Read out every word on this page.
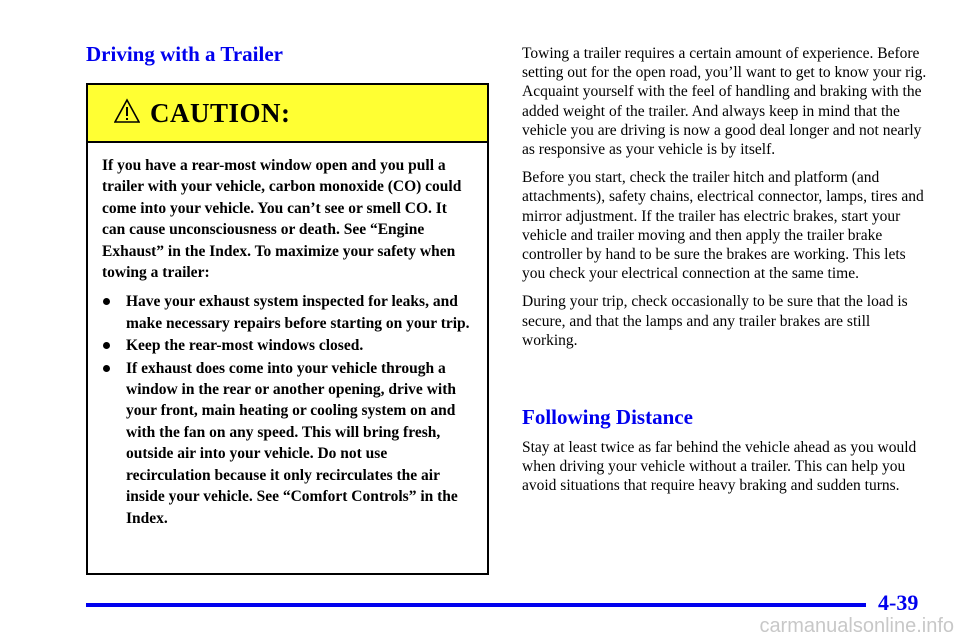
Driving with a Trailer
CAUTION:

If you have a rear-most window open and you pull a trailer with your vehicle, carbon monoxide (CO) could come into your vehicle. You can’t see or smell CO. It can cause unconsciousness or death. See “Engine Exhaust” in the Index. To maximize your safety when towing a trailer:

Have your exhaust system inspected for leaks, and make necessary repairs before starting on your trip.
Keep the rear-most windows closed.
If exhaust does come into your vehicle through a window in the rear or another opening, drive with your front, main heating or cooling system on and with the fan on any speed. This will bring fresh, outside air into your vehicle. Do not use recirculation because it only recirculates the air inside your vehicle. See “Comfort Controls” in the Index.

Towing a trailer requires a certain amount of experience. Before setting out for the open road, you’ll want to get to know your rig. Acquaint yourself with the feel of handling and braking with the added weight of the trailer. And always keep in mind that the vehicle you are driving is now a good deal longer and not nearly as responsive as your vehicle is by itself.

Before you start, check the trailer hitch and platform (and attachments), safety chains, electrical connector, lamps, tires and mirror adjustment. If the trailer has electric brakes, start your vehicle and trailer moving and then apply the trailer brake controller by hand to be sure the brakes are working. This lets you check your electrical connection at the same time.

During your trip, check occasionally to be sure that the load is secure, and that the lamps and any trailer brakes are still working.

Following Distance

Stay at least twice as far behind the vehicle ahead as you would when driving your vehicle without a trailer. This can help you avoid situations that require heavy braking and sudden turns.

4-39
carmanualsonline.info
